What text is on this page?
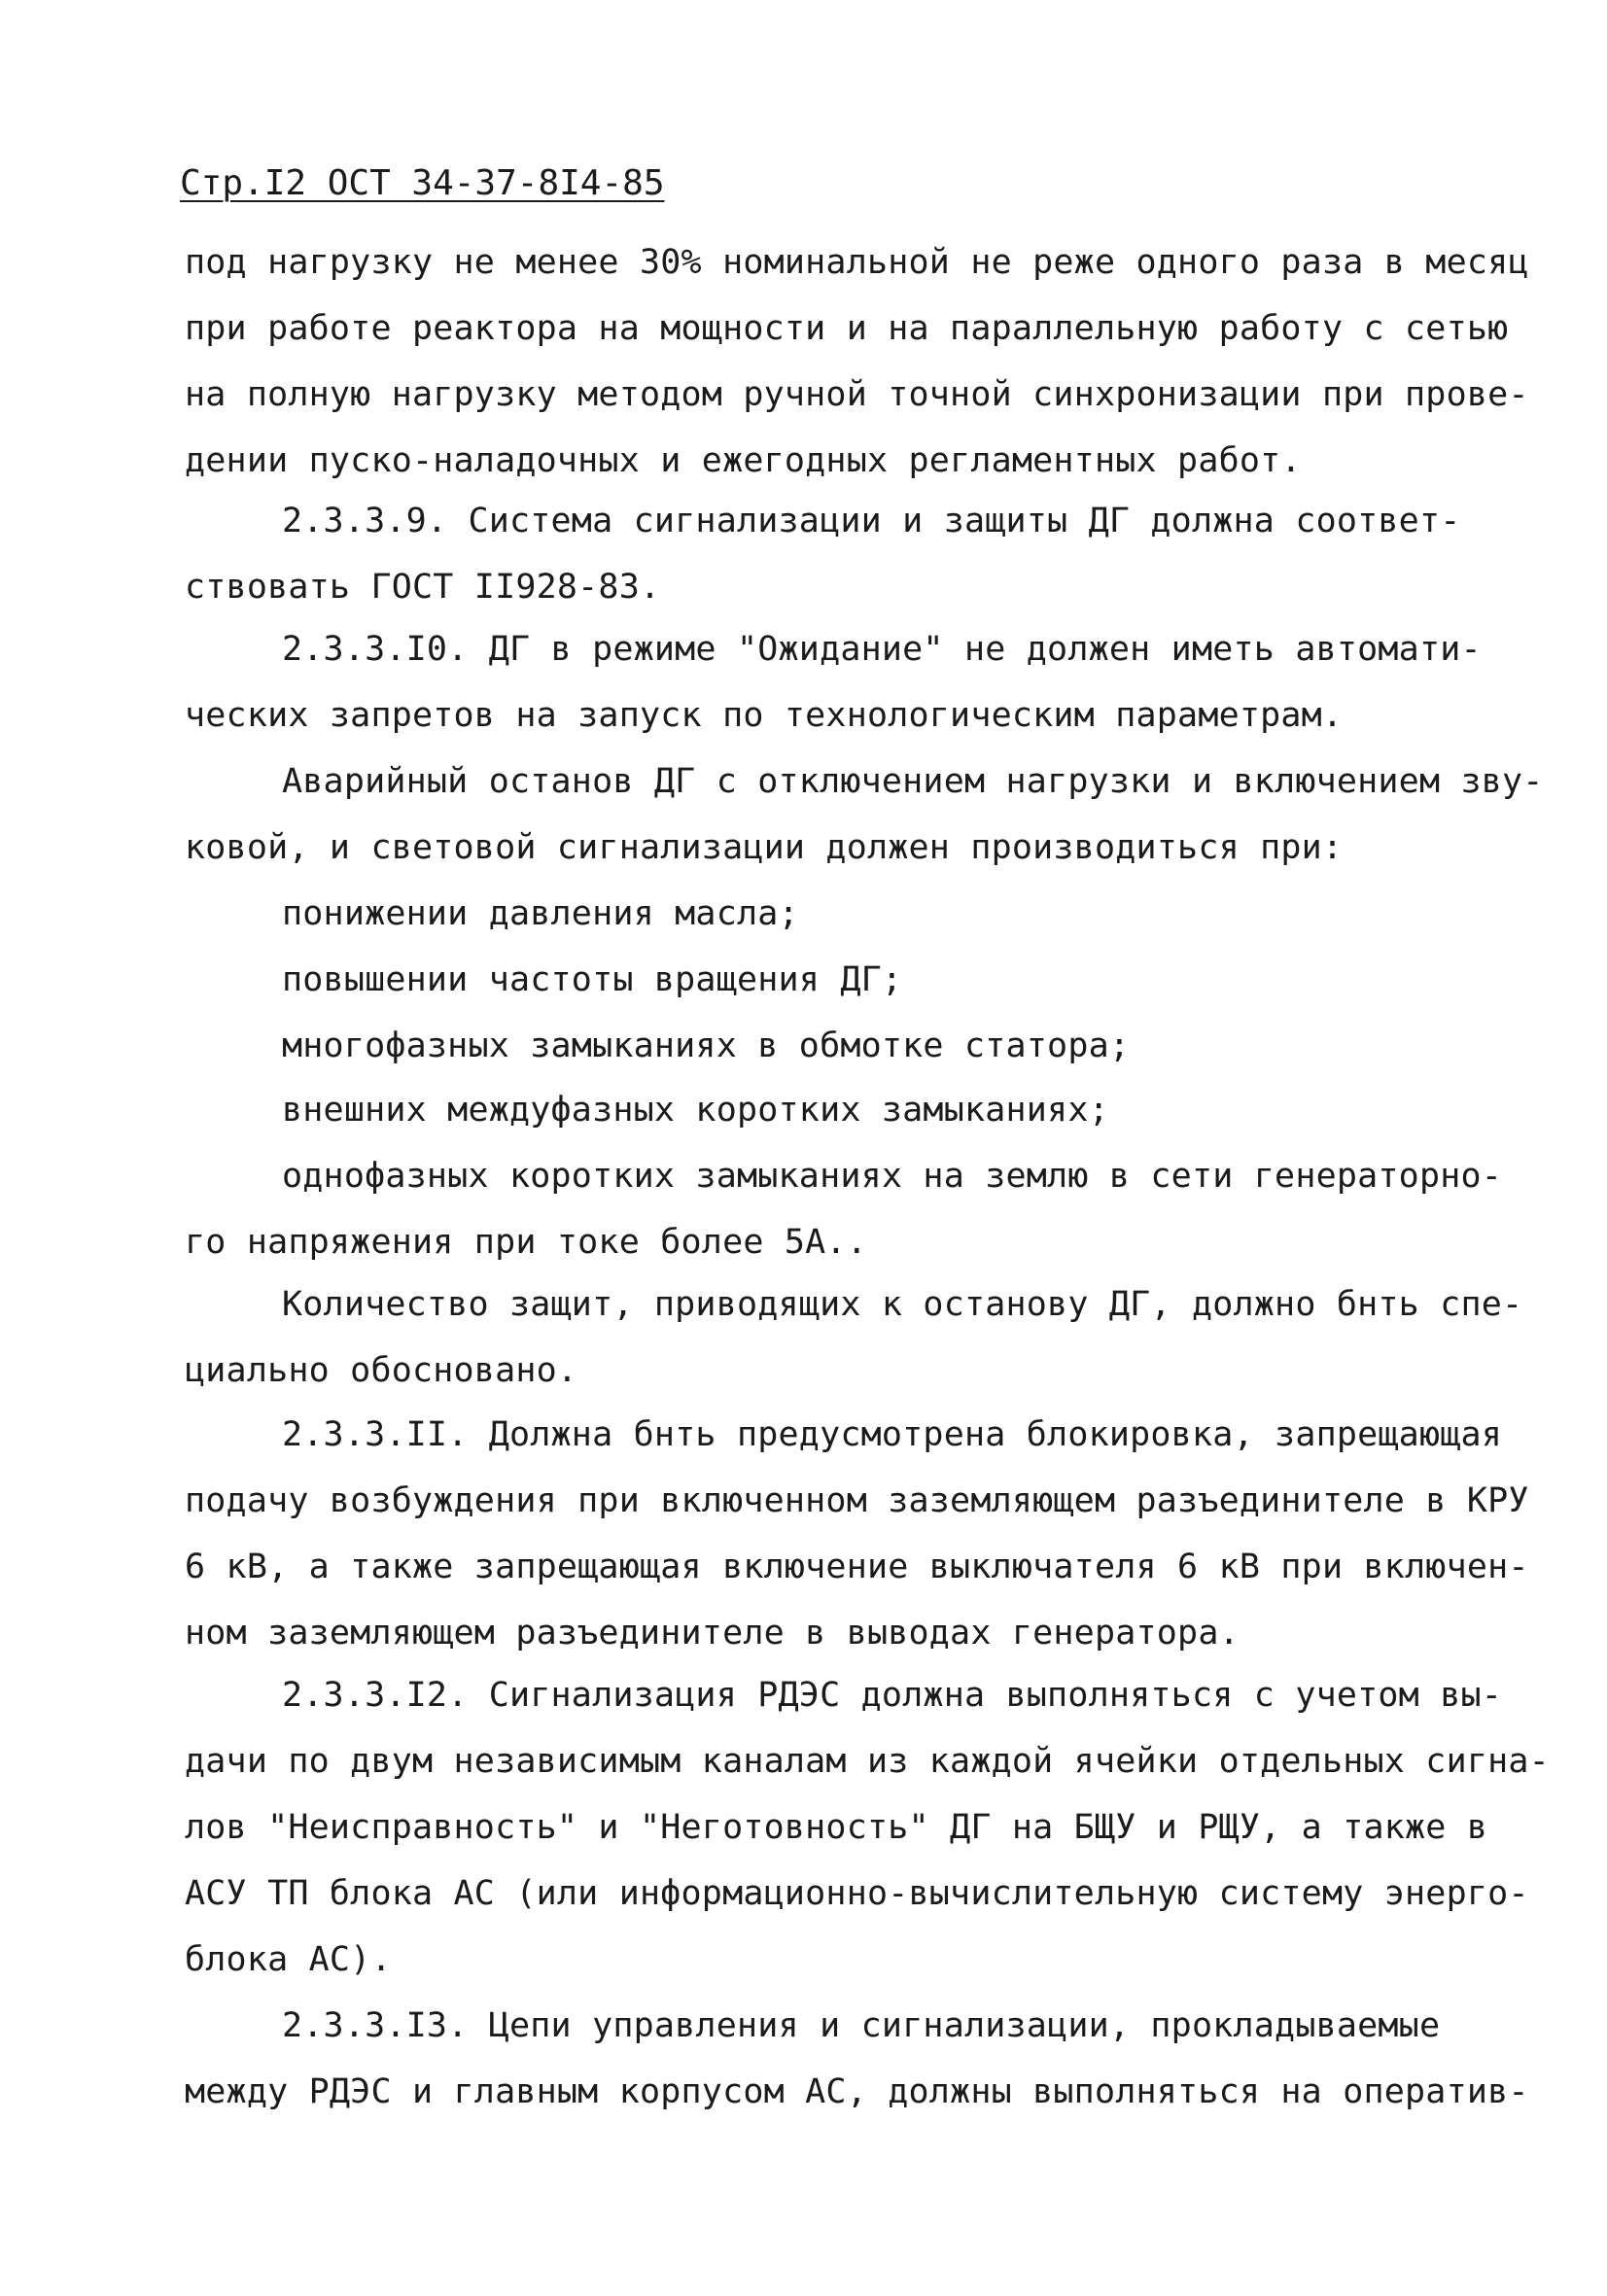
Стр.I2 ОСТ 34-37-8I4-85
под нагрузку не менее 30% номинальной не реже одного раза в месяц
при работе реактора на мощности и на параллельную работу с сетью
на полную нагрузку методом ручной точной синхронизации при прове-
дении пуско-наладочных и ежегодных регламентных работ.
2.3.3.9. Система сигнализации и защиты ДГ должна соответ-
ствовать ГОСТ II928-83.
2.3.3.I0. ДГ в режиме "Ожидание" не должен иметь автомати-
ческих запретов на запуск по технологическим параметрам.
Аварийный останов ДГ с отключением нагрузки и включением зву-
ковой, и световой сигнализации должен производиться при:
понижении давления масла;
повышении частоты вращения ДГ;
многофазных замыканиях в обмотке статора;
внешних междуфазных коротких замыканиях;
однофазных коротких замыканиях на землю в сети генераторно-
го напряжения при токе более 5А..
Количество защит, приводящих к останову ДГ, должно бнть спе-
циально обосновано.
2.3.3.II. Должна бнть предусмотрена блокировка, запрещающая
подачу возбуждения при включенном заземляющем разъединителе в КРУ
6 кВ, а также запрещающая включение выключателя 6 кВ при включен-
ном заземляющем разъединителе в выводах генератора.
2.3.3.I2. Сигнализация РДЭС должна выполняться с учетом вы-
дачи по двум независимым каналам из каждой ячейки отдельных сигна-
лов "Неисправность" и "Неготовность" ДГ на БЩУ и РЩУ, а также в
АСУ ТП блока АС (или информационно-вычислительную систему энерго-
блока АС).
2.3.3.I3. Цепи управления и сигнализации, прокладываемые
между РДЭС и главным корпусом АС, должны выполняться на оператив-
